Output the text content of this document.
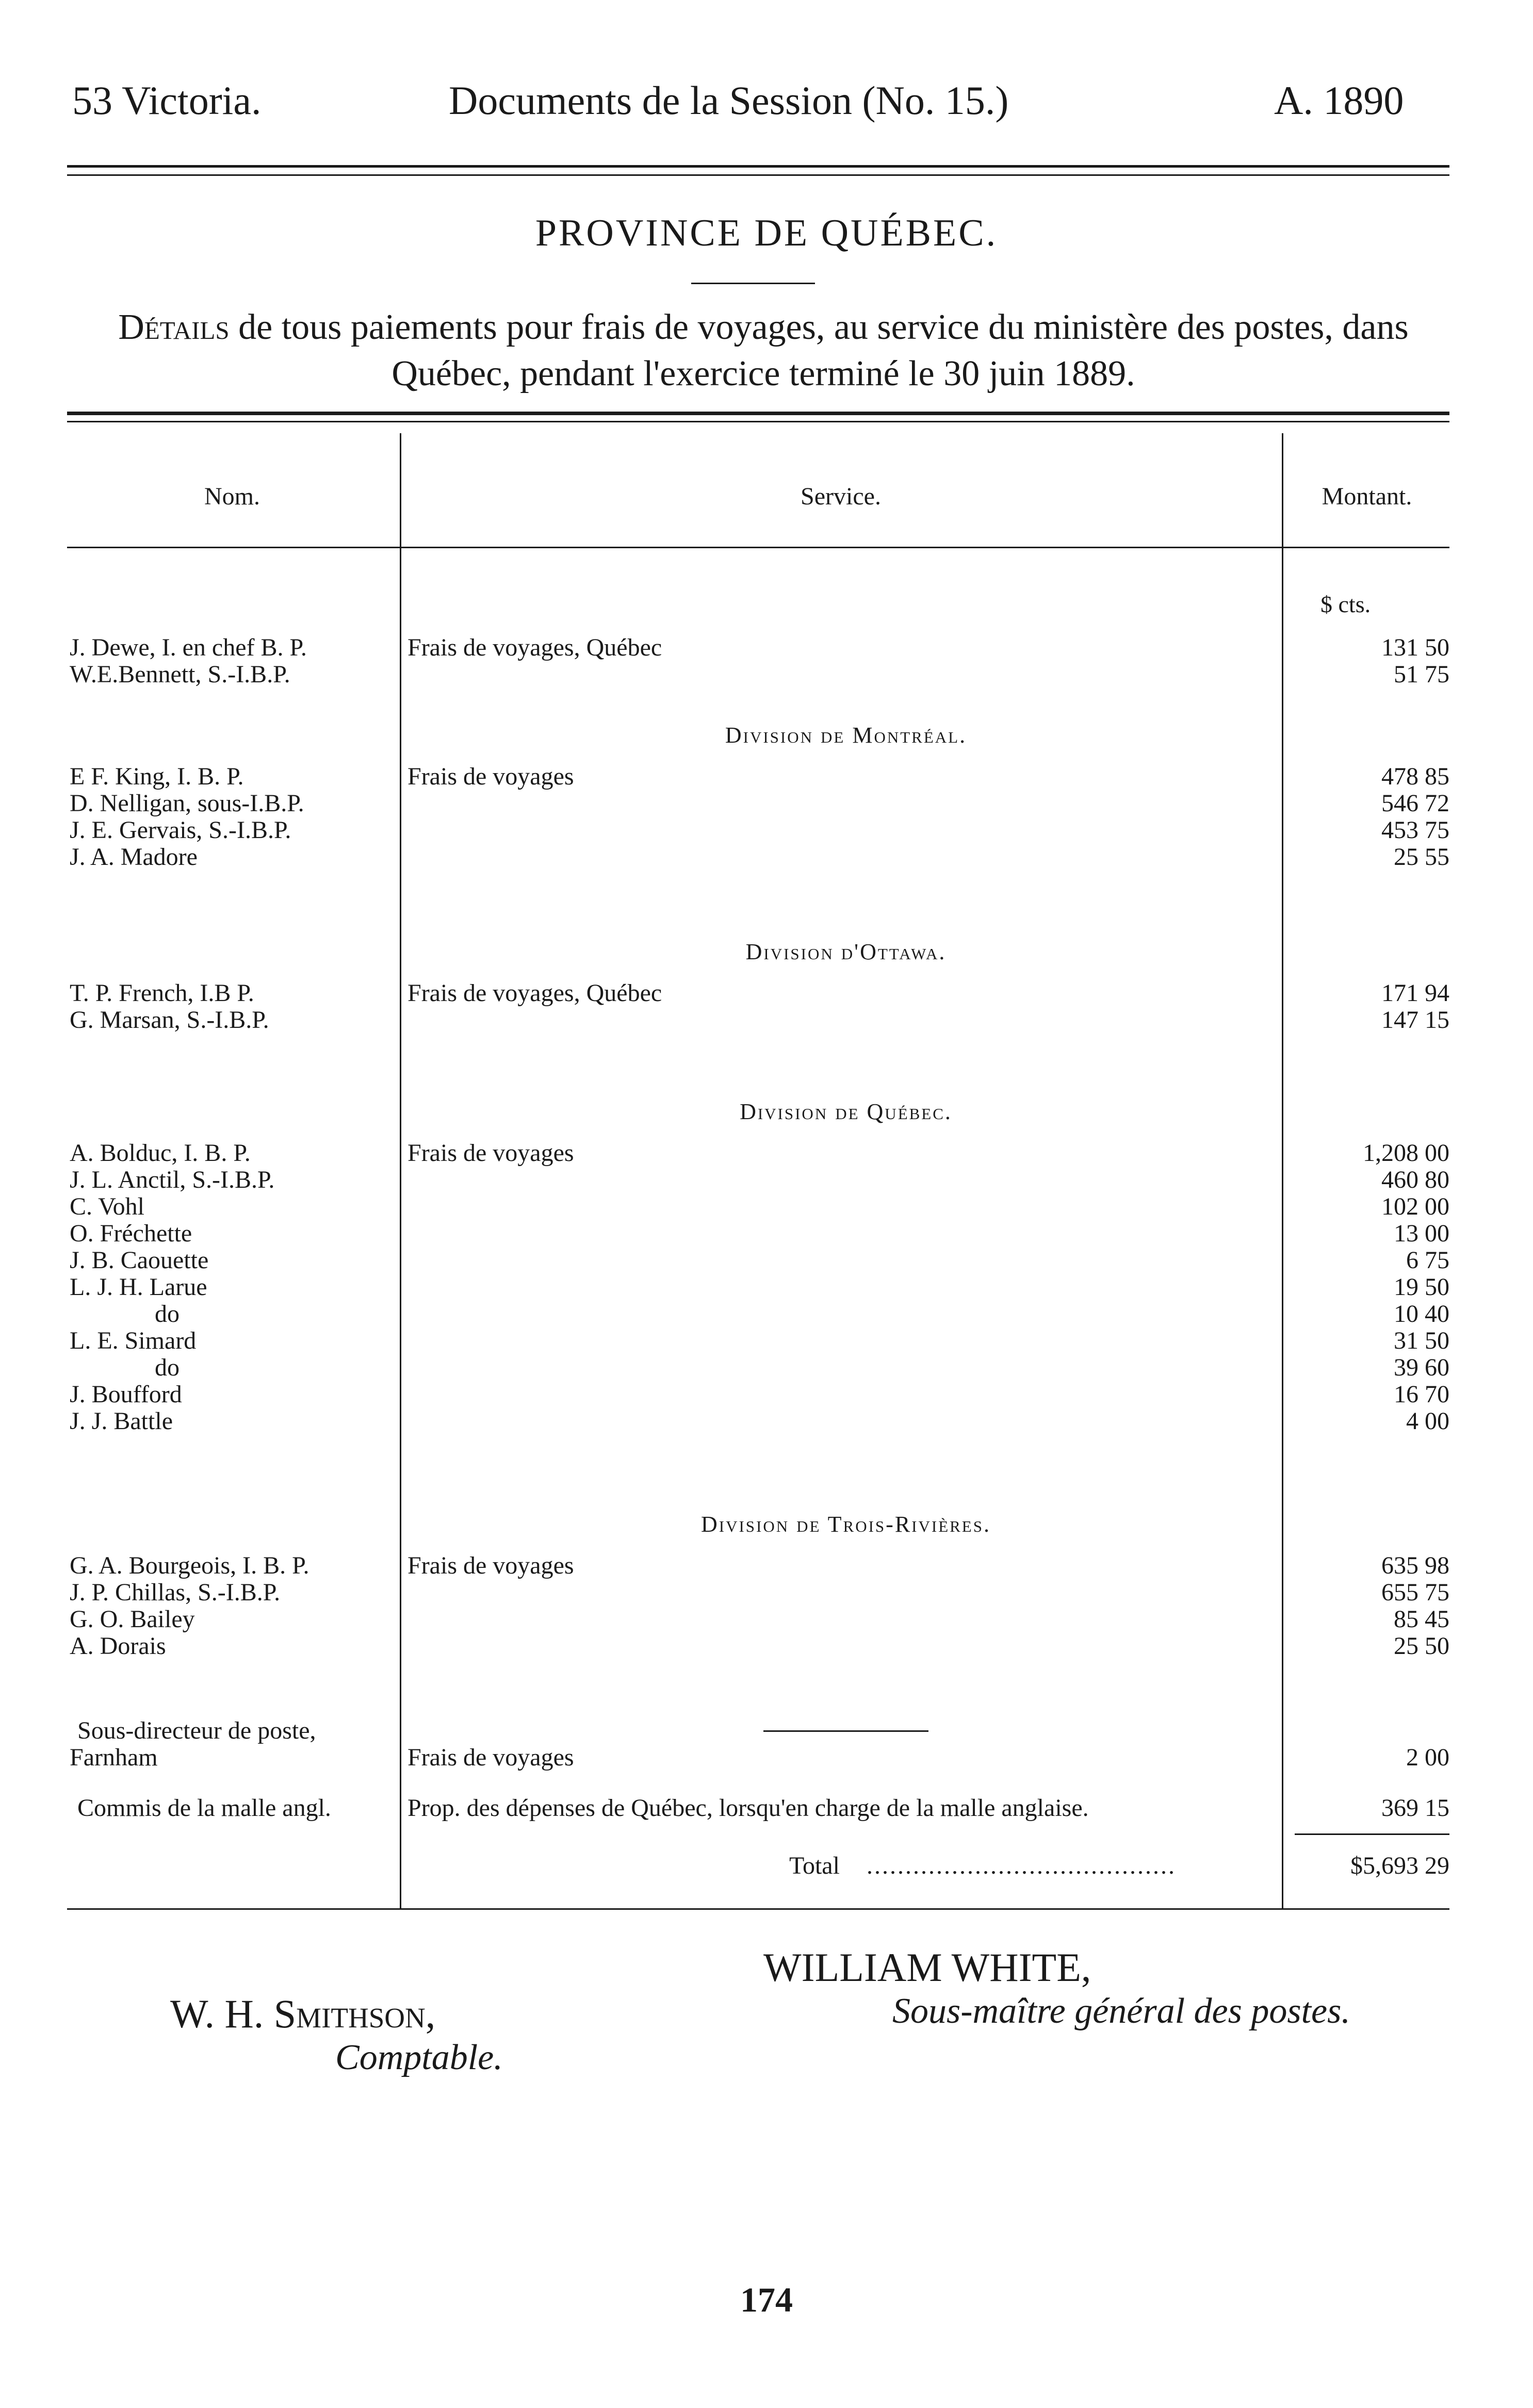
53 Victoria.	Documents de la Session (No. 15.)	A. 1890
PROVINCE DE QUÉBEC.
Détails de tous paiements pour frais de voyages, au service du ministère des postes, dans Québec, pendant l'exercice terminé le 30 juin 1889.
Nom.	Service.	Montant.
$ cts.
J. Dewe, I. en chef B. P.	Frais de voyages, Québec	131 50
W.E.Bennett, S.-I.B.P.	51 75
Division de Montréal.
E F. King, I. B. P.	Frais de voyages	478 85
D. Nelligan, sous-I.B.P.	546 72
J. E. Gervais, S.-I.B.P.	453 75
J. A. Madore	25 55
Division d'Ottawa.
T. P. French, I.B P.	Frais de voyages, Québec	171 94
G. Marsan, S.-I.B.P.	147 15
Division de Québec.
A. Bolduc, I. B. P.	Frais de voyages	1,208 00
J. L. Anctil, S.-I.B.P.	460 80
C. Vohl	102 00
O. Fréchette	13 00
J. B. Caouette	6 75
L. J. H. Larue	19 50
do	10 40
L. E. Simard	31 50
do	39 60
J. Boufford	16 70
J. J. Battle	4 00
Division de Trois-Rivières.
G. A. Bourgeois, I. B. P.	Frais de voyages	635 98
J. P. Chillas, S.-I.B.P.	655 75
G. O. Bailey	85 45
A. Dorais	25 50
Sous-directeur de poste,
Farnham	Frais de voyages	2 00
Commis de la malle angl.	Prop. des dépenses de Québec, lorsqu'en charge de la malle anglaise.	369 15
Total ........................................	$5,693 29
WILLIAM WHITE,
Sous-maître général des postes.
W. H. Smithson,
Comptable.
174
